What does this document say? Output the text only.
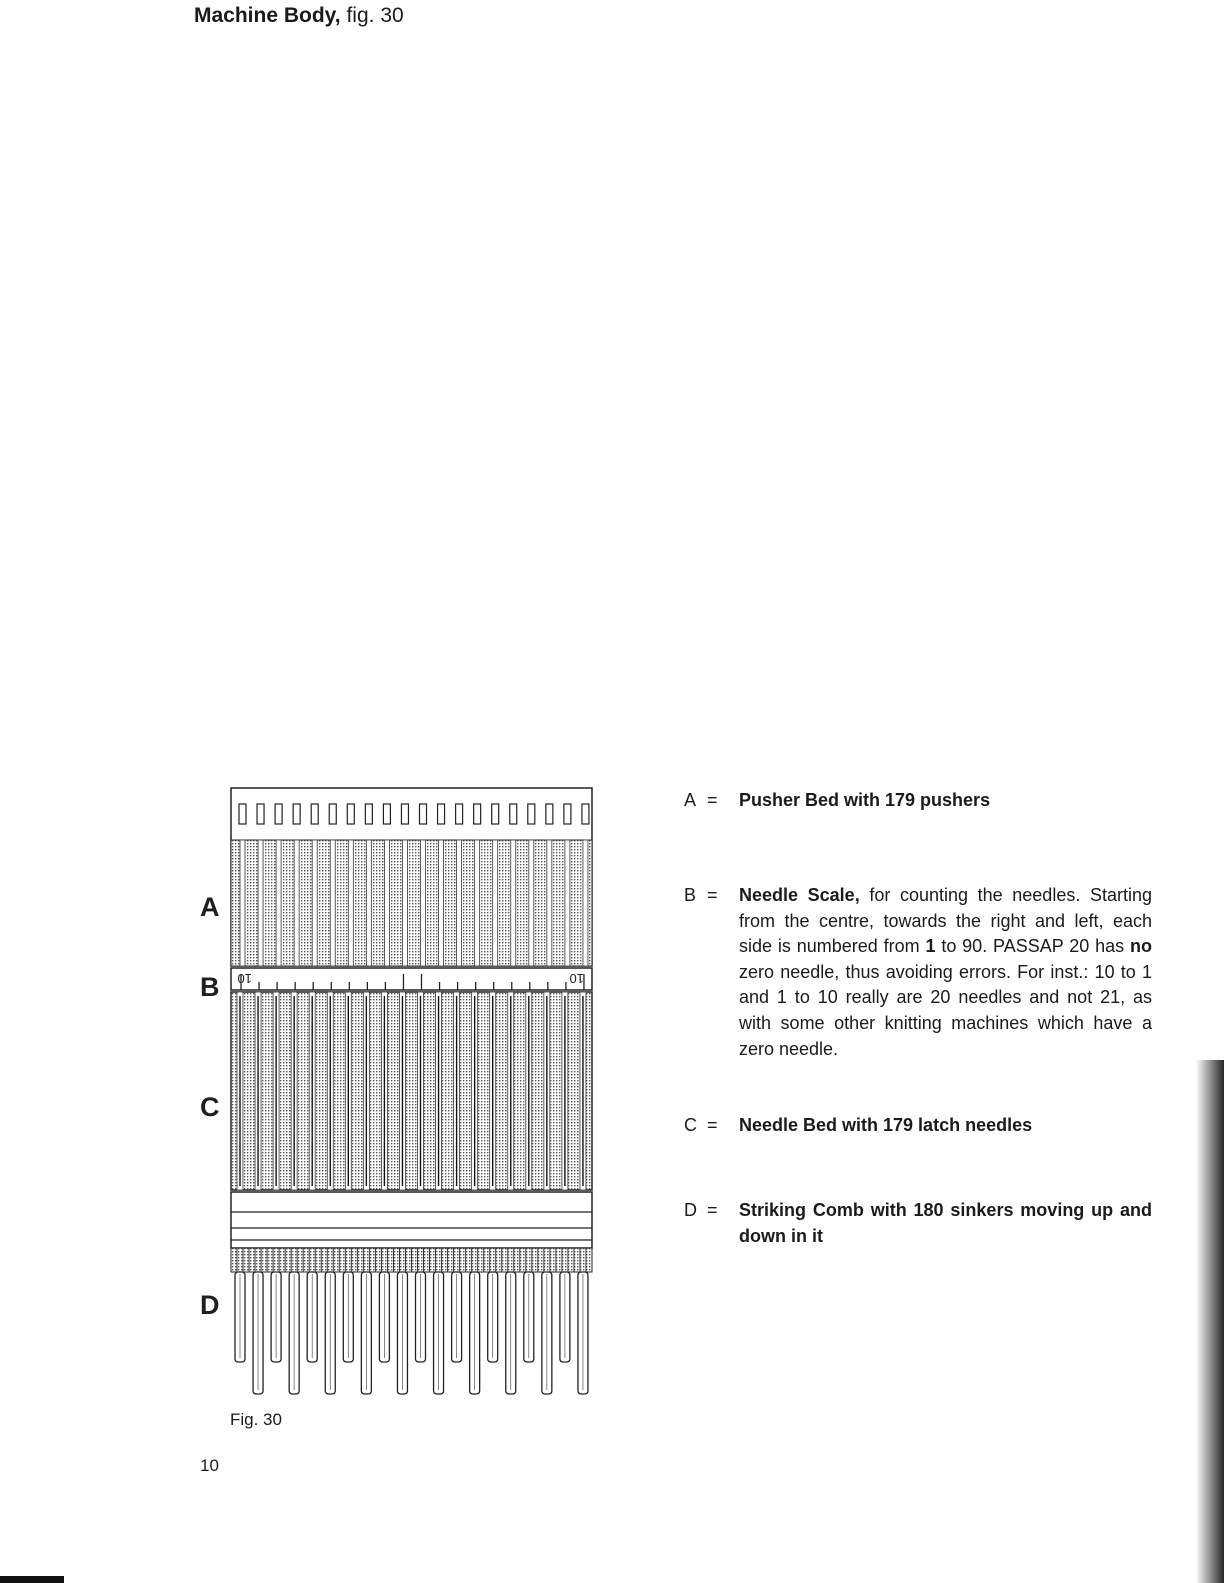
Machine Body, fig. 30
10	10
A
B
C
D
Fig. 30
10
A =	Pusher Bed with 179 pushers
B =	Needle Scale, for counting the needles. Starting from the centre, towards the right and left, each side is numbered from 1 to 90. PASSAP 20 has no zero needle, thus avoiding errors. For inst.: 10 to 1 and 1 to 10 really are 20 needles and not 21, as with some other knitting machines which have a zero needle.
C =	Needle Bed with 179 latch needles
D =	Striking Comb with 180 sinkers moving up and down in it
